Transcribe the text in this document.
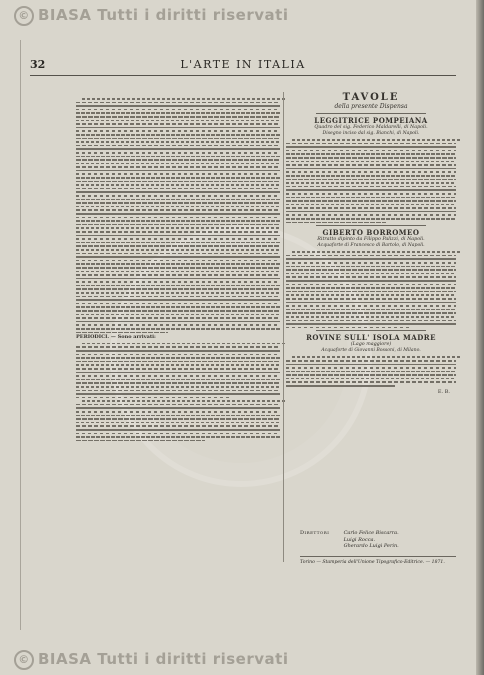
© BIASA Tutti i diritti riservati
32	L'ARTE IN ITALIA
PERIODICI. — Sono arrivati:
TAVOLE
della presente Dispensa
LEGGITRICE POMPEIANA
Quadro del sig. Federico Maldarelli, di Napoli.
Disegno inciso dal sig. Bianchi, di Napoli.
GIBERTO BORROMEO
Ritratto dipinto da Filippo Palizzi, di Napoli.
Acquaforte di Francesco di Bartolo, di Napoli.
ROVINE SULL' ISOLA MADRE
(Lago maggiore)
Acquaforte di Giovanni Bossoni, di Milano.
E. B.
Direttori	Carlo Felice Biscarra.
Luigi Rocca.
Gherardo Luigi Perin.
Torino — Stamperia dell'Unione Tipografico-Editrice. — 1871.
© BIASA Tutti i diritti riservati
